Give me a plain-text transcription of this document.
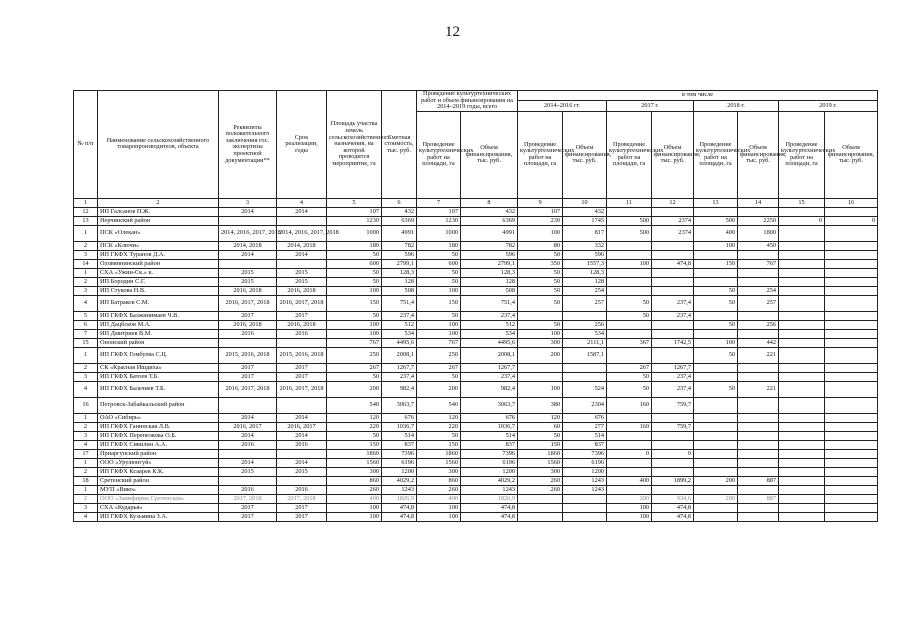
12
№ п/п	Наименование сельскохозяйственного товаропроизводителя, объекта	Реквизиты положительного заключения гос. экспертизы проектной документации**	Срок реализации, годы	Площадь участка земель сельскохозяйственного назначения, на которой проводится мероприятие, га	Сметная стоимость, тыс. руб.	Проведение культуртехнических работ и объем финансирования на 2014–2019 годы, всего		в том числе							
								2014–2016 гг.		2017 г.		2018 г.		2019 г.	
						Проведение культуртехнических работ на площади, га	Объем финансирования, тыс. руб.	Проведение культуртехнических работ на площади, га	Объем финансирования, тыс. руб.	Проведение культуртехнических работ на площади, га	Объем финансирования, тыс. руб.	Проведение культуртехнических работ на площади, га	Объем финансирования, тыс. руб.	Проведение культуртехнических работ на площади, га	Объем финансирования, тыс. руб.
1	2	3	4	5	6	7	8	9	10	11	12	13	14	15	16
12	ИП Галсанов П.Ж.	2014	2014	107	432	107	432	107	432						
13	Нерчинский район			1230	6369	1230	6369	230	1745	500	2374	500	2250	0	0
1	ПСК «Олекан»	2014, 2016, 2017, 2018	2014, 2016, 2017, 2018	1000	4991	1000	4991	100	817	500	2374	400	1800		
2	ПСК «Ключи»	2014, 2018	2014, 2018	180	782	180	782	80	332			100	450		
3	ИП ГКФХ Туранов Д.А.	2014	2014	50	596	50	596	50	596						
14	Оловяннинский район			600	2799,1	600	2799,1	350	1557,3	100	474,8	150	767		
1	СХА «Ужин-Ск.» к.	2015	2015	50	128,3	50	128,3	50	128,3						
2	ИП Бородин С.Г.	2015	2015	50	128	50	128	50	128						
3	ИП Стукова Н.В.	2016, 2018	2016, 2018	100	508	100	508	50	254			50	254		
4	ИП Батраков С.М.	2016, 2017, 2018	2016, 2017, 2018	150	751,4	150	751,4	50	257	50	237,4	50	257		
5	ИП ГКФХ Балжинимаев Ч.В.	2017	2017	50	237,4	50	237,4			50	237,4				
6	ИП Дацбсков М.А.	2016, 2018	2016, 2018	100	512	100	512	50	256			50	256		
7	ИП Дмитриев В.М.	2016	2016	100	534	100	534	100	534						
15	Ононский район			767	4495,6	767	4495,6	300	2111,1	367	1742,5	100	442		
1	ИП ГКФХ Гомбуева С.Ц.	2015, 2016, 2018	2015, 2016, 2018	250	2008,1	250	2008,1	200	1587,1			50	221		
2	СК «Красная Ишдиха»	2017	2017	267	1267,7	267	1267,7			267	1267,7				
3	ИП ГКФХ Батоев Т.Б.	2017	2017	50	237,4	50	237,4			50	237,4				
4	ИП ГКФХ Бальчиев Т.Б.	2016, 2017, 2018	2016, 2017, 2018	200	982,4	200	982,4	100	524	50	237,4	50	221		
16	Петровск-Забайкальский район			540	3063,7	540	3063,7	380	2304	160	759,7				
1	ОАО «Сибирь»	2014	2014	120	676	120	676	120	676						
2	ИП ГКФХ Ганинская Л.В.	2016, 2017	2016, 2017	220	1036,7	220	1036,7	60	277	160	759,7				
3	ИП ГКФХ Перепелкова О.Б.	2014	2014	50	514	50	514	50	514						
4	ИП ГКФХ Сивилин А.А.	2016	2016	150	837	150	837	150	837						
17	Приаргунский район			1860	7396	1860	7396	1860	7396	0	0				
1	ООО «Урулюнгуй»	2014	2014	1560	6196	1560	6196	1560	6196						
2	ИП ГКФХ Ксаарев К.К.	2015	2015	300	1200	300	1200	300	1200						
18	Сретенский район			860	4029,2	860	4029,2	260	1243	400	1899,2	200	887		
1	МУП «Вико»	2016	2016	260	1243	260	1243	260	1243						
2	ООО «Заимфирма Сретенская»	2017, 2018	2017, 2018	400	1826,9	400	1826,9			200	934,6	200	887		
3	СХА «Кударья»	2017	2017	100	474,8	100	474,8			100	474,8				
4	ИП ГКФХ Кузьмина З.А.	2017	2017	100	474,8	100	474,8			100	474,8				
